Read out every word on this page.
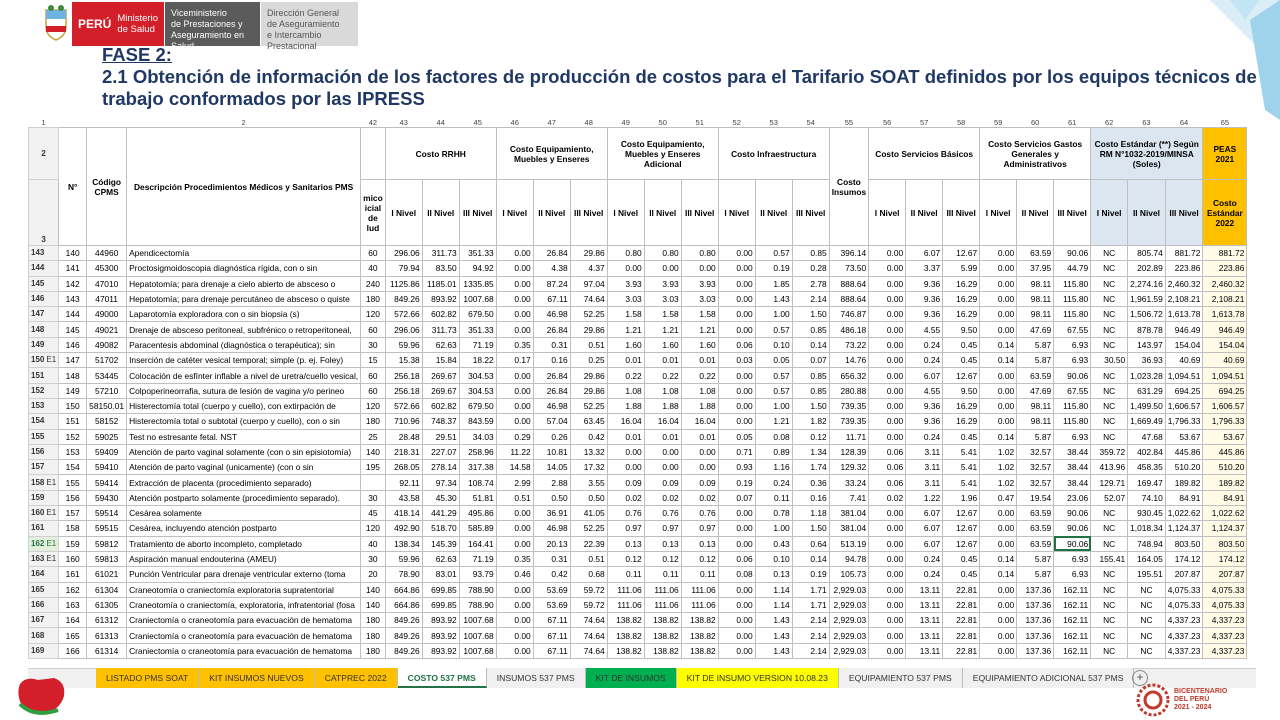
PERÚ Ministerio
de Salud
Viceministerio
de Prestaciones y
Aseguramiento en Salud
Dirección General
de Aseguramiento
e Intercambio Prestacional
FASE 2:
2.1 Obtención de información de los factores de producción de costos para el Tarifario SOAT definidos por los equipos técnicos de trabajo conformados por las IPRESS
1			2	42	43	44	45	46	47	48	49	50	51	52	53	54	55	56	57	58	59	60	61	62	63	64	65
2	N°	Código CPMS	Descripción Procedimientos Médicos y Sanitarios PMS		Costo RRHH			Costo Equipamiento, Muebles y Enseres			Costo Equipamiento, Muebles y Enseres Adicional			Costo Infraestructura			Costo Insumos	Costo Servicios Básicos			Costo Servicios Gastos Generales y Administrativos			Costo Estándar (**) Según RM N°1032-2019/MINSA (Soles)			PEAS 2021
3				mico icial de lud	I Nivel	II Nivel	III Nivel	I Nivel	II Nivel	III Nivel	I Nivel	II Nivel	III Nivel	I Nivel	II Nivel	III Nivel		I Nivel	II Nivel	III Nivel	I Nivel	II Nivel	III Nivel	I Nivel	II Nivel	III Nivel	Costo Estándar 2022
143	140	44960	Apendicectomía	60	296.06	311.73	351.33	0.00	26.84	29.86	0.80	0.80	0.80	0.00	0.57	0.85	396.14	0.00	6.07	12.67	0.00	63.59	90.06	NC	805.74	881.72	881.72
144	141	45300	Proctosigmoidoscopia diagnóstica rígida, con o sin	40	79.94	83.50	94.92	0.00	4.38	4.37	0.00	0.00	0.00	0.00	0.19	0.28	73.50	0.00	3.37	5.99	0.00	37.95	44.79	NC	202.89	223.86	223.86
145	142	47010	Hepatotomía; para drenaje a cielo abierto de absceso o	240	1125.86	1185.01	1335.85	0.00	87.24	97.04	3.93	3.93	3.93	0.00	1.85	2.78	888.64	0.00	9.36	16.29	0.00	98.11	115.80	NC	2,274.16	2,460.32	2,460.32
146	143	47011	Hepatotomía; para drenaje percutáneo de absceso o quiste	180	849.26	893.92	1007.68	0.00	67.11	74.64	3.03	3.03	3.03	0.00	1.43	2.14	888.64	0.00	9.36	16.29	0.00	98.11	115.80	NC	1,961.59	2,108.21	2,108.21
147	144	49000	Laparotomía exploradora con o sin biopsia (s)	120	572.66	602.82	679.50	0.00	46.98	52.25	1.58	1.58	1.58	0.00	1.00	1.50	746.87	0.00	9.36	16.29	0.00	98.11	115.80	NC	1,506.72	1,613.78	1,613.78
148	145	49021	Drenaje de absceso peritoneal, subfrénico o retroperitoneal,	60	296.06	311.73	351.33	0.00	26.84	29.86	1.21	1.21	1.21	0.00	0.57	0.85	486.18	0.00	4.55	9.50	0.00	47.69	67.55	NC	878.78	946.49	946.49
149	146	49082	Paracentesis abdominal (diagnóstica o terapéutica); sin	30	59.96	62.63	71.19	0.35	0.31	0.51	1.60	1.60	1.60	0.06	0.10	0.14	73.22	0.00	0.24	0.45	0.14	5.87	6.93	NC	143.97	154.04	154.04
150 E1	147	51702	Inserción de catéter vesical temporal; simple (p. ej. Foley)	15	15.38	15.84	18.22	0.17	0.16	0.25	0.01	0.01	0.01	0.03	0.05	0.07	14.76	0.00	0.24	0.45	0.14	5.87	6.93	30.50	36.93	40.69	40.69
151	148	53445	Colocación de esfínter inflable a nivel de uretra/cuello vesical,	60	256.18	269.67	304.53	0.00	26.84	29.86	0.22	0.22	0.22	0.00	0.57	0.85	656.32	0.00	6.07	12.67	0.00	63.59	90.06	NC	1,023.28	1,094.51	1,094.51
152	149	57210	Colpoperineorrafia, sutura de lesión de vagina y/o perineo	60	256.18	269.67	304.53	0.00	26.84	29.86	1.08	1.08	1.08	0.00	0.57	0.85	280.88	0.00	4.55	9.50	0.00	47.69	67.55	NC	631.29	694.25	694.25
153	150	58150.01	Histerectomía total (cuerpo y cuello), con extirpación de	120	572.66	602.82	679.50	0.00	46.98	52.25	1.88	1.88	1.88	0.00	1.00	1.50	739.35	0.00	9.36	16.29	0.00	98.11	115.80	NC	1,499.50	1,606.57	1,606.57
154	151	58152	Histerectomía total o subtotal (cuerpo y cuello), con o sin	180	710.96	748.37	843.59	0.00	57.04	63.45	16.04	16.04	16.04	0.00	1.21	1.82	739.35	0.00	9.36	16.29	0.00	98.11	115.80	NC	1,669.49	1,796.33	1,796.33
155	152	59025	Test no estresante fetal. NST	25	28.48	29.51	34.03	0.29	0.26	0.42	0.01	0.01	0.01	0.05	0.08	0.12	11.71	0.00	0.24	0.45	0.14	5.87	6.93	NC	47.68	53.67	53.67
156	153	59409	Atención de parto vaginal solamente (con o sin episiotomía)	140	218.31	227.07	258.96	11.22	10.81	13.32	0.00	0.00	0.00	0.71	0.89	1.34	128.39	0.06	3.11	5.41	1.02	32.57	38.44	359.72	402.84	445.86	445.86
157	154	59410	Atención de parto vaginal (unicamente) (con o sin	195	268.05	278.14	317.38	14.58	14.05	17.32	0.00	0.00	0.00	0.93	1.16	1.74	129.32	0.06	3.11	5.41	1.02	32.57	38.44	413.96	458.35	510.20	510.20
158 E1	155	59414	Extracción de placenta (procedimiento separado)		92.11	97.34	108.74	2.99	2.88	3.55	0.09	0.09	0.09	0.19	0.24	0.36	33.24	0.06	3.11	5.41	1.02	32.57	38.44	129.71	169.47	189.82	189.82
159	156	59430	Atención postparto solamente (procedimiento separado).	30	43.58	45.30	51.81	0.51	0.50	0.50	0.02	0.02	0.02	0.07	0.11	0.16	7.41	0.02	1.22	1.96	0.47	19.54	23.06	52.07	74.10	84.91	84.91
160 E1	157	59514	Cesárea solamente	45	418.14	441.29	495.86	0.00	36.91	41.05	0.76	0.76	0.76	0.00	0.78	1.18	381.04	0.00	6.07	12.67	0.00	63.59	90.06	NC	930.45	1,022.62	1,022.62
161	158	59515	Cesárea, incluyendo atención postparto	120	492.90	518.70	585.89	0.00	46.98	52.25	0.97	0.97	0.97	0.00	1.00	1.50	381.04	0.00	6.07	12.67	0.00	63.59	90.06	NC	1,018.34	1,124.37	1,124.37
162 E1	159	59812	Tratamiento de aborto incompleto, completado	40	138.34	145.39	164.41	0.00	20.13	22.39	0.13	0.13	0.13	0.00	0.43	0.64	513.19	0.00	6.07	12.67	0.00	63.59	90.06	NC	748.94	803.50	803.50
163 E1	160	59813	Aspiración manual endouterina (AMEU)	30	59.96	62.63	71.19	0.35	0.31	0.51	0.12	0.12	0.12	0.06	0.10	0.14	94.78	0.00	0.24	0.45	0.14	5.87	6.93	155.41	164.05	174.12	174.12
164	161	61021	Punción Ventricular para drenaje ventricular externo (toma	20	78.90	83.01	93.79	0.46	0.42	0.68	0.11	0.11	0.11	0.08	0.13	0.19	105.73	0.00	0.24	0.45	0.14	5.87	6.93	NC	195.51	207.87	207.87
165	162	61304	Craneotomía o craniectomía exploratoria supratentorial	140	664.86	699.85	788.90	0.00	53.69	59.72	111.06	111.06	111.06	0.00	1.14	1.71	2,929.03	0.00	13.11	22.81	0.00	137.36	162.11	NC	NC	4,075.33	4,075.33
166	163	61305	Craneotomía o craniectomía, exploratoria, infratentorial (fosa	140	664.86	699.85	788.90	0.00	53.69	59.72	111.06	111.06	111.06	0.00	1.14	1.71	2,929.03	0.00	13.11	22.81	0.00	137.36	162.11	NC	NC	4,075.33	4,075.33
167	164	61312	Craniectomía o craneotomía para evacuación de hematoma	180	849.26	893.92	1007.68	0.00	67.11	74.64	138.82	138.82	138.82	0.00	1.43	2.14	2,929.03	0.00	13.11	22.81	0.00	137.36	162.11	NC	NC	4,337.23	4,337.23
168	165	61313	Craniectomía o craneotomía para evacuación de hematoma	180	849.26	893.92	1007.68	0.00	67.11	74.64	138.82	138.82	138.82	0.00	1.43	2.14	2,929.03	0.00	13.11	22.81	0.00	137.36	162.11	NC	NC	4,337.23	4,337.23
169	166	61314	Craniectomía o craneotomía para evacuación de hematoma	180	849.26	893.92	1007.68	0.00	67.11	74.64	138.82	138.82	138.82	0.00	1.43	2.14	2,929.03	0.00	13.11	22.81	0.00	137.36	162.11	NC	NC	4,337.23	4,337.23
LISTADO PMS SOAT	KIT INSUMOS NUEVOS	CATPREC 2022	COSTO 537 PMS	INSUMOS 537 PMS	KIT DE INSUMOS	KIT DE INSUMO VERSION 10.08.23	EQUIPAMIENTO 537 PMS	EQUIPAMIENTO ADICIONAL 537 PMS	+
BICENTENARIO
DEL PERÚ
2021 - 2024
